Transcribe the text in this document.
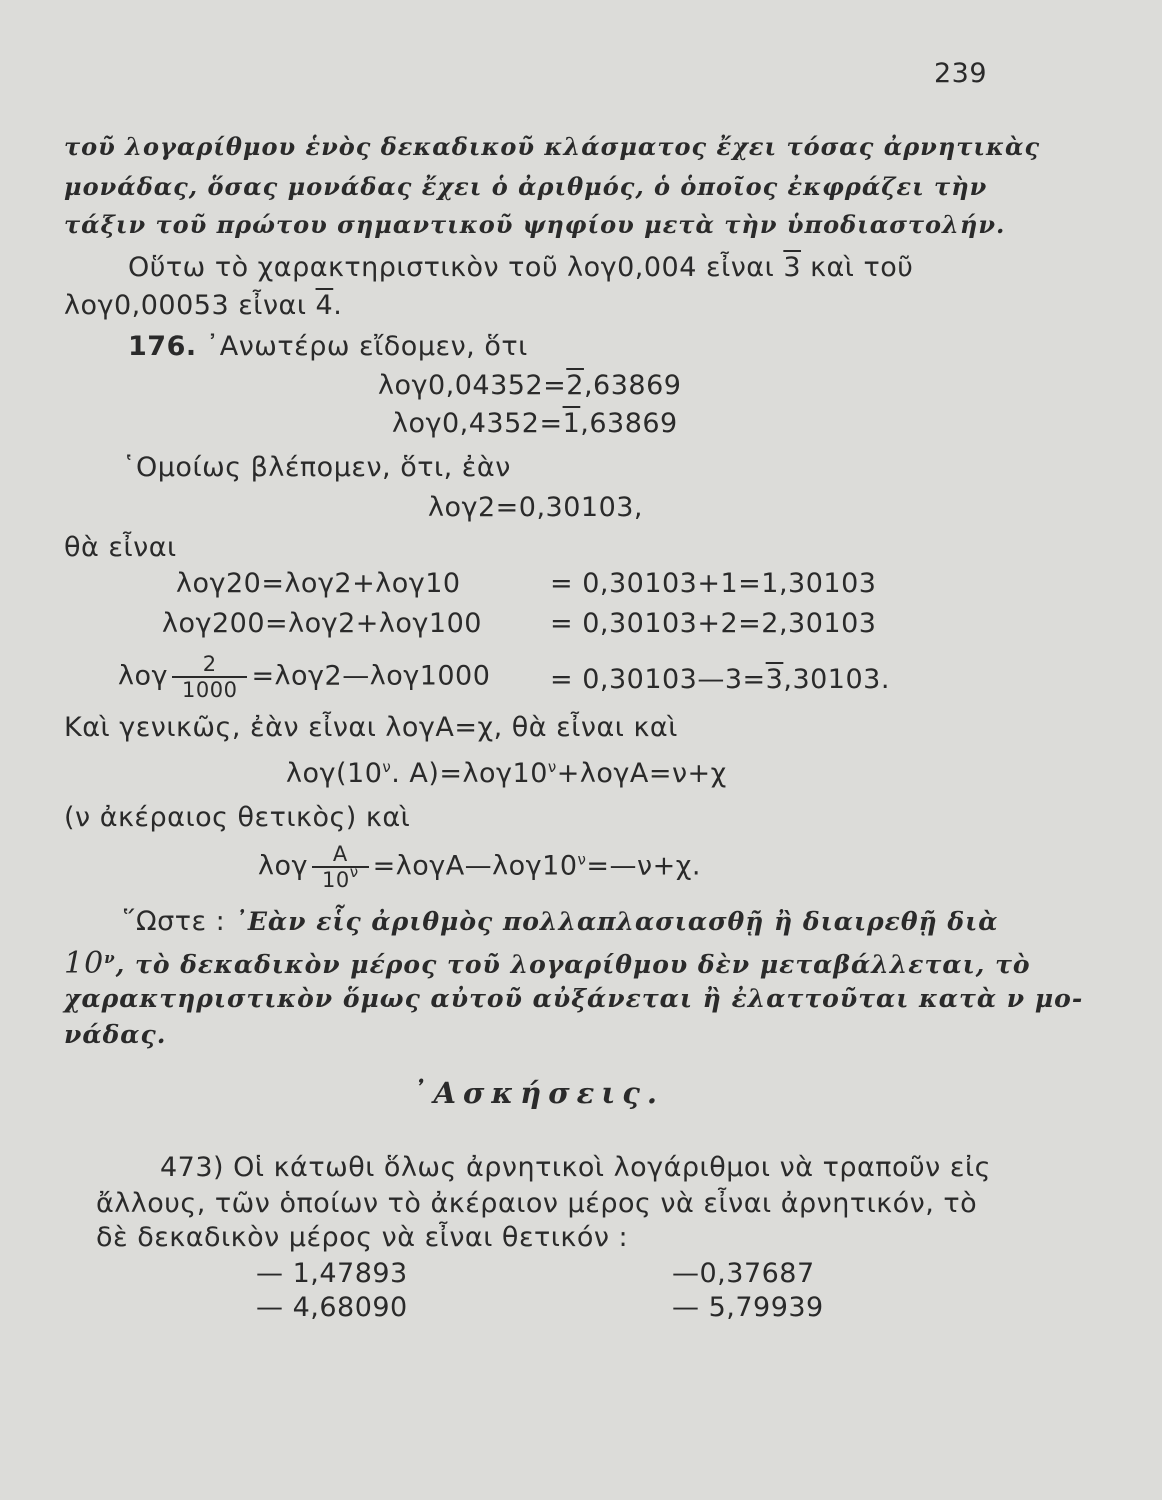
239
τοῦ λογαρίθμου ἑνὸς δεκαδικοῦ κλάσματος ἔχει τόσας ἀρνητικὰς
μονάδας, ὅσας μονάδας ἔχει ὁ ἀριθμός, ὁ ὁποῖος ἐκφράζει τὴν
τάξιν τοῦ πρώτου σημαντικοῦ ψηφίου μετὰ τὴν ὑποδιαστολήν.
Οὕτω τὸ χαρακτηριστικὸν τοῦ λογ0,004 εἶναι 3 καὶ τοῦ
λογ0,00053 εἶναι 4.
176. ᾿Ανωτέρω εἴδομεν, ὅτι
λογ0,04352=2,63869
λογ0,4352=1,63869
῾Ομοίως βλέπομεν, ὅτι, ἐὰν
λογ2=0,30103,
θὰ εἶναι
λογ20=λογ2+λογ10	= 0,30103+1=1,30103
λογ200=λογ2+λογ100	= 0,30103+2=2,30103
λογ $\frac{2}{1000}$ =λογ2—λογ1000 = 0,30103—3=3,30103.
Καὶ γενικῶς, ἐὰν εἶναι λογΑ=χ, θὰ εἶναι καὶ
$\lambda o\gamma(10^\nu$. $A)=\lambda o\gamma 10^\nu+\lambda o\gamma A=\nu+\chi$
(ν ἀκέραιος θετικὸς) καὶ
λογ $\frac{A}{10^\nu}$ $=\lambda o\gamma A—\lambda o\gamma 10^\nu=—\nu+\chi$.
῞Ωστε : ᾿Εὰν εἷς ἀριθμὸς πολλαπλασιασθῇ ἢ διαιρεθῇ διὰ
$10^\nu$, τὸ δεκαδικὸν μέρος τοῦ λογαρίθμου δὲν μεταβάλλεται, τὸ
χαρακτηριστικὸν ὅμως αὐτοῦ αὐξάνεται ἢ ἐλαττοῦται κατὰ ν μο-
νάδας.
᾿Ασκήσεις.
473) Οἱ κάτωθι ὅλως ἀρνητικοὶ λογάριθμοι νὰ τραποῦν εἰς
ἄλλους, τῶν ὁποίων τὸ ἀκέραιον μέρος νὰ εἶναι ἀρνητικόν, τὸ
δὲ δεκαδικὸν μέρος νὰ εἶναι θετικόν :
— 1,47893	—0,37687
— 4,68090	— 5,79939
